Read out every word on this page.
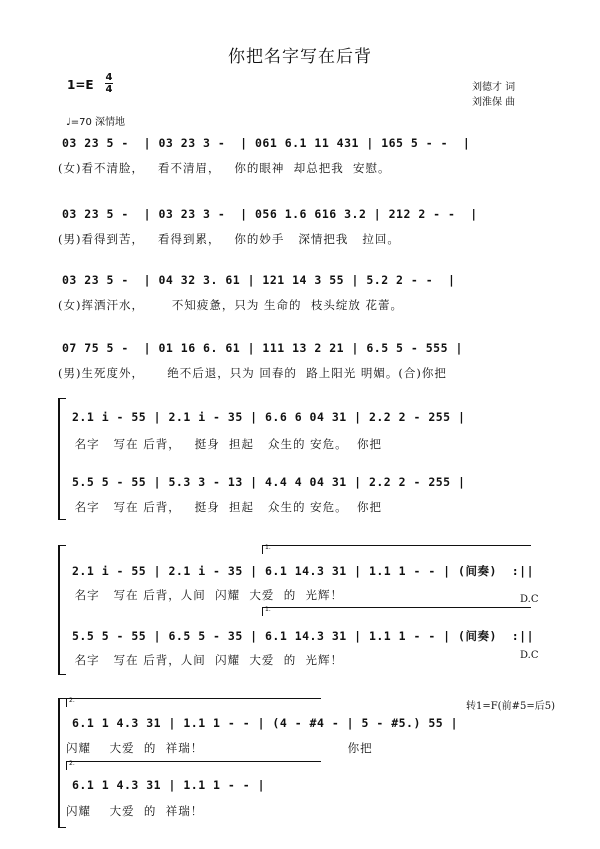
你把名字写在后背
1=E
4
4	刘德才 词
刘淮保 曲
♩=70 深情地
03 23 5 -  | 03 23 3 -  | 061 6.1 11 431 | 165 5 - -  |
(女)看不清脸，   看不清眉，   你的眼神  却总把我  安慰。
03 23 5 -  | 03 23 3 -  | 056 1.6 616 3.2 | 212 2 - -  |
(男)看得到苦，   看得到累，   你的妙手   深情把我   拉回。
03 23 5 -  | 04 32 3. 61 | 121 14 3 55 | 5.2 2 - -  |
(女)挥洒汗水，      不知疲惫，只为 生命的  枝头绽放 花蕾。
07 75 5 -  | 01 16 6. 61 | 111 13 2 21 | 6.5 5 - 555 |
(男)生死度外，     绝不后退，只为 回春的  路上阳光 明媚。(合)你把
2.1 i - 55 | 2.1 i - 35 | 6.6 6 04 31 | 2.2 2 - 255 |
名字   写在 后背，   挺身  担起   众生的 安危。  你把
5.5 5 - 55 | 5.3 3 - 13 | 4.4 4 04 31 | 2.2 2 - 255 |
名字   写在 后背，   挺身  担起   众生的 安危。  你把
1.
2.1 i - 55 | 2.1 i - 35 | 6.1 14.3 31 | 1.1 1 - - | (间奏)  :||
名字   写在 后背，人间  闪耀  大爱  的  光辉！	D.C
1.
5.5 5 - 55 | 6.5 5 - 35 | 6.1 14.3 31 | 1.1 1 - - | (间奏)  :||
名字   写在 后背，人间  闪耀  大爱  的  光辉！	D.C
2.
转1=F(前#5=后5)
6.1 1 4.3 31 | 1.1 1 - - | (4 - #4 - | 5 - #5.) 55 |
闪耀    大爱  的  祥瑞！                               你把
2.
6.1 1 4.3 31 | 1.1 1 - - |
闪耀    大爱  的  祥瑞！
